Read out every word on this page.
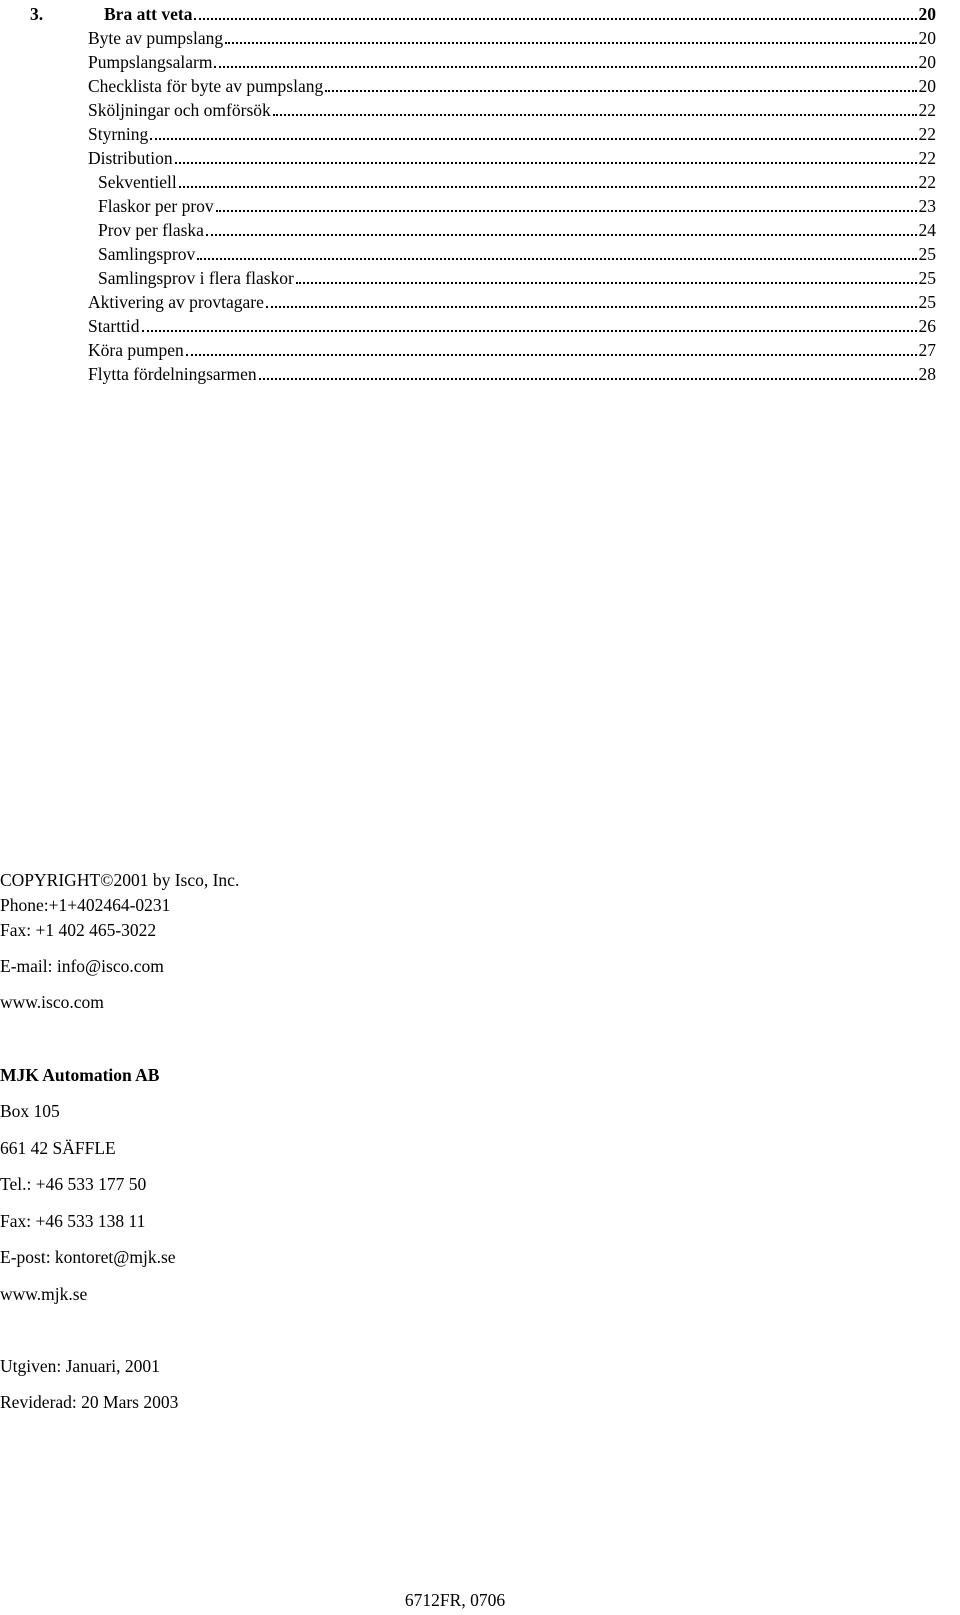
3.	Bra att veta	20
Byte av pumpslang	20
Pumpslangsalarm	20
Checklista för byte av pumpslang	20
Sköljningar och omförsök	22
Styrning	22
Distribution	22
Sekventiell	22
Flaskor per prov	23
Prov per flaska	24
Samlingsprov	25
Samlingsprov i flera flaskor	25
Aktivering av provtagare	25
Starttid	26
Köra pumpen	27
Flytta fördelningsarmen	28
COPYRIGHT©2001 by Isco, Inc.
Phone:+1+402464-0231
Fax: +1 402 465-3022
E-mail: info@isco.com
www.isco.com
MJK Automation AB
Box 105
661 42 SÄFFLE
Tel.: +46 533 177 50
Fax: +46 533 138 11
E-post: kontoret@mjk.se
www.mjk.se
Utgiven: Januari, 2001
Reviderad: 20 Mars 2003
6712FR, 0706
